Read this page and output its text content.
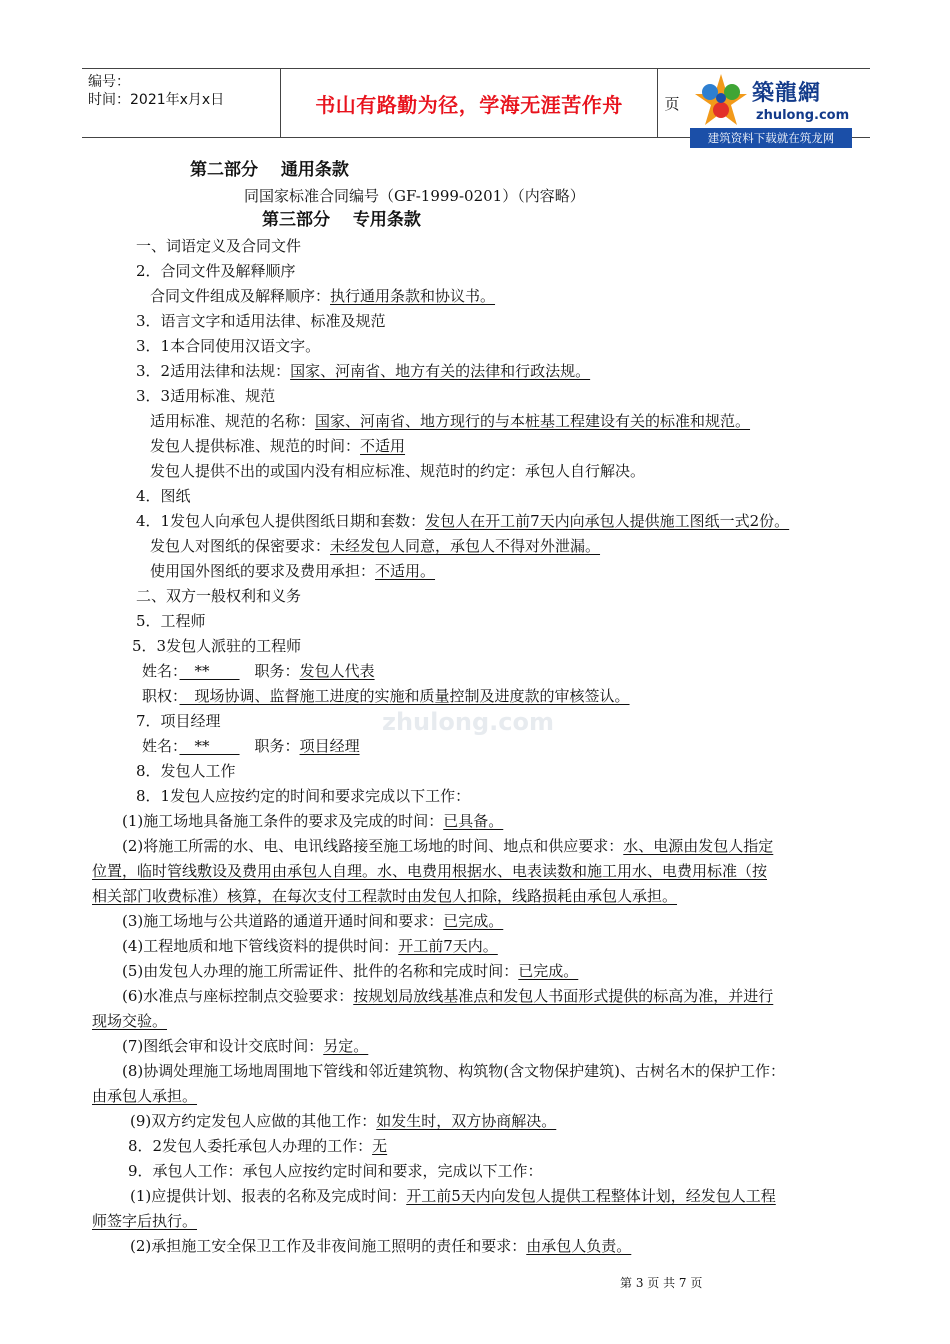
编号：
时间：2021年x月x日	书山有路勤为径，学海无涯苦作舟	页	築龍網
zhulong.com
建筑资料下载就在筑龙网
zhulong.com
第二部分　 通用条款
同国家标准合同编号（GF-1999-0201）（内容略）
第三部分　 专用条款
一、词语定义及合同文件
2．合同文件及解释顺序
合同文件组成及解释顺序：执行通用条款和协议书。
3．语言文字和适用法律、标准及规范
3．1本合同使用汉语文字。
3．2适用法律和法规：国家、河南省、地方有关的法律和行政法规。
3．3适用标准、规范
适用标准、规范的名称：国家、河南省、地方现行的与本桩基工程建设有关的标准和规范。
发包人提供标准、规范的时间：不适用
发包人提供不出的或国内没有相应标准、规范时的约定：承包人自行解决。
4．图纸
4．1发包人向承包人提供图纸日期和套数：发包人在开工前7天内向承包人提供施工图纸一式2份。
发包人对图纸的保密要求：未经发包人同意，承包人不得对外泄漏。
使用国外图纸的要求及费用承担：不适用。
二、双方一般权利和义务
5．工程师
5．3发包人派驻的工程师
姓名：　**　　　职务：发包人代表
职权：　现场协调、监督施工进度的实施和质量控制及进度款的审核签认。
7．项目经理
姓名：　**　　　职务：项目经理
8．发包人工作
8．1发包人应按约定的时间和要求完成以下工作：
(1)施工场地具备施工条件的要求及完成的时间：已具备。
(2)将施工所需的水、电、电讯线路接至施工场地的时间、地点和供应要求：水、电源由发包人指定
位置，临时管线敷设及费用由承包人自理。水、电费用根据水、电表读数和施工用水、电费用标准（按
相关部门收费标准）核算，在每次支付工程款时由发包人扣除，线路损耗由承包人承担。
(3)施工场地与公共道路的通道开通时间和要求：已完成。
(4)工程地质和地下管线资料的提供时间：开工前7天内。
(5)由发包人办理的施工所需证件、批件的名称和完成时间：已完成。
(6)水准点与座标控制点交验要求：按规划局放线基准点和发包人书面形式提供的标高为准，并进行
现场交验。
(7)图纸会审和设计交底时间：另定。
(8)协调处理施工场地周围地下管线和邻近建筑物、构筑物(含文物保护建筑)、古树名木的保护工作：
由承包人承担。
(9)双方约定发包人应做的其他工作：如发生时，双方协商解决。
8．2发包人委托承包人办理的工作：无
9．承包人工作：承包人应按约定时间和要求，完成以下工作：
(1)应提供计划、报表的名称及完成时间：开工前5天内向发包人提供工程整体计划，经发包人工程
师签字后执行。
(2)承担施工安全保卫工作及非夜间施工照明的责任和要求：由承包人负责。
第 3 页 共 7 页
